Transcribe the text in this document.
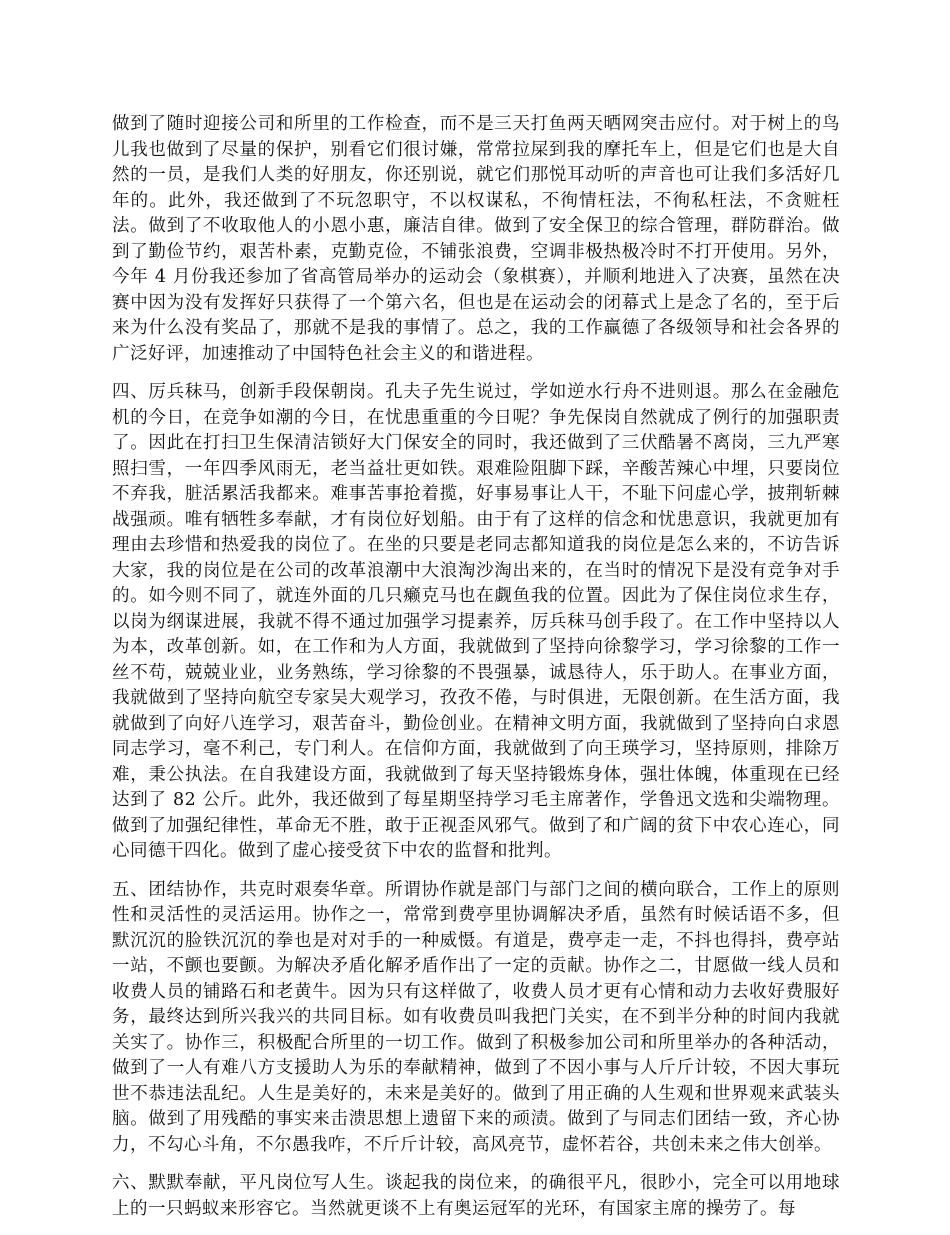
做到了随时迎接公司和所里的工作检查，而不是三天打鱼两天晒网突击应付。对于树上的鸟儿我也做到了尽量的保护，别看它们很讨嫌，常常拉屎到我的摩托车上，但是它们也是大自然的一员，是我们人类的好朋友，你还别说，就它们那悦耳动听的声音也可让我们多活好几年的。此外，我还做到了不玩忽职守，不以权谋私，不徇情枉法，不徇私枉法，不贪赃枉法。做到了不收取他人的小恩小惠，廉洁自律。做到了安全保卫的综合管理，群防群治。做到了勤俭节约，艰苦朴素，克勤克俭，不铺张浪费，空调非极热极冷时不打开使用。另外，今年 4 月份我还参加了省高管局举办的运动会（象棋赛），并顺利地进入了决赛，虽然在决赛中因为没有发挥好只获得了一个第六名，但也是在运动会的闭幕式上是念了名的，至于后来为什么没有奖品了，那就不是我的事情了。总之，我的工作赢德了各级领导和社会各界的广泛好评，加速推动了中国特色社会主义的和谐进程。

四、厉兵秣马，创新手段保朝岗。孔夫子先生说过，学如逆水行舟不进则退。那么在金融危机的今日，在竞争如潮的今日，在忧患重重的今日呢？争先保岗自然就成了例行的加强职责了。因此在打扫卫生保清洁锁好大门保安全的同时，我还做到了三伏酷暑不离岗，三九严寒照扫雪，一年四季风雨无，老当益壮更如铁。艰难险阻脚下踩，辛酸苦辣心中埋，只要岗位不弃我，脏活累活我都来。难事苦事抢着揽，好事易事让人干，不耻下问虚心学，披荆斩棘战强顽。唯有牺牲多奉献，才有岗位好划船。由于有了这样的信念和忧患意识，我就更加有理由去珍惜和热爱我的岗位了。在坐的只要是老同志都知道我的岗位是怎么来的，不访告诉大家，我的岗位是在公司的改革浪潮中大浪淘沙淘出来的，在当时的情况下是没有竞争对手的。如今则不同了，就连外面的几只癞克马也在觑鱼我的位置。因此为了保住岗位求生存，以岗为纲谋进展，我就不得不通过加强学习提素养，厉兵秣马创手段了。在工作中坚持以人为本，改革创新。如，在工作和为人方面，我就做到了坚持向徐黎学习，学习徐黎的工作一丝不苟，兢兢业业，业务熟练，学习徐黎的不畏强暴，诚恳待人，乐于助人。在事业方面，我就做到了坚持向航空专家吴大观学习，孜孜不倦，与时俱进，无限创新。在生活方面，我就做到了向好八连学习，艰苦奋斗，勤俭创业。在精神文明方面，我就做到了坚持向白求恩同志学习，毫不利己，专门利人。在信仰方面，我就做到了向王瑛学习，坚持原则，排除万难，秉公执法。在自我建设方面，我就做到了每天坚持锻炼身体，强壮体魄，体重现在已经达到了 82 公斤。此外，我还做到了每星期坚持学习毛主席著作，学鲁迅文选和尖端物理。做到了加强纪律性，革命无不胜，敢于正视歪风邪气。做到了和广阔的贫下中农心连心，同心同德干四化。做到了虚心接受贫下中农的监督和批判。

五、团结协作，共克时艰奏华章。所谓协作就是部门与部门之间的横向联合，工作上的原则性和灵活性的灵活运用。协作之一，常常到费亭里协调解决矛盾，虽然有时候话语不多，但默沉沉的脸铁沉沉的拳也是对对手的一种威慑。有道是，费亭走一走，不抖也得抖，费亭站一站，不颤也要颤。为解决矛盾化解矛盾作出了一定的贡献。协作之二，甘愿做一线人员和收费人员的铺路石和老黄牛。因为只有这样做了，收费人员才更有心情和动力去收好费服好务，最终达到所兴我兴的共同目标。如有收费员叫我把门关实，在不到半分种的时间内我就关实了。协作三，积极配合所里的一切工作。做到了积极参加公司和所里举办的各种活动，做到了一人有难八方支援助人为乐的奉献精神，做到了不因小事与人斤斤计较，不因大事玩世不恭违法乱纪。人生是美好的，未来是美好的。做到了用正确的人生观和世界观来武装头脑。做到了用残酷的事实来击溃思想上遗留下来的顽渍。做到了与同志们团结一致，齐心协力，不勾心斗角，不尔愚我咋，不斤斤计较，高风亮节，虚怀若谷，共创未来之伟大创举。

六、默默奉献，平凡岗位写人生。谈起我的岗位来，的确很平凡，很眇小，完全可以用地球上的一只蚂蚁来形容它。当然就更谈不上有奥运冠军的光环，有国家主席的操劳了。每
